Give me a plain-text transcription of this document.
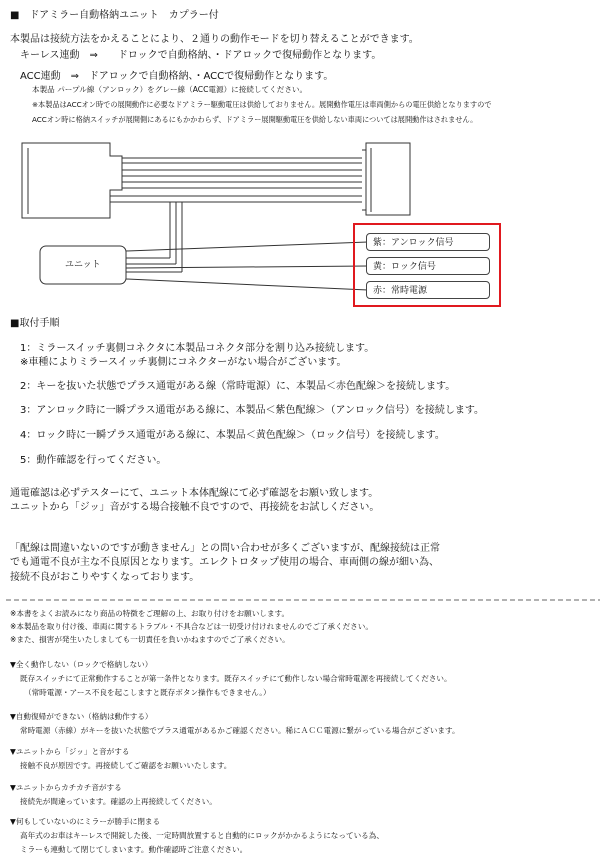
■　ドアミラー自動格納ユニット　カプラー付
本製品は接続方法をかえることにより、２通りの動作モードを切り替えることができます。
キーレス連動　⇒　　ドロックで自動格納、・ドアロックで復帰動作となります。
ACC連動　⇒　ドアロックで自動格納、・ACCで復帰動作となります。
本製品 パープル線（アンロック）をグレー線（ACC電源）に接続してください。
※本製品はACCオン時での展開動作に必要なドアミラー駆動電圧は供給しておりません。展開動作電圧は車両側からの電圧供給となりますので
ACCオン時に格納スイッチが展開側にあるにもかかわらず、ドアミラー展開駆動電圧を供給しない車両については展開動作はされません。
ユニット
紫：アンロック信号
黄：ロック信号
赤：常時電源
■取付手順
1：ミラースイッチ裏側コネクタに本製品コネクタ部分を割り込み接続します。
※車種によりミラースイッチ裏側にコネクターがない場合がございます。
2：キーを抜いた状態でプラス通電がある線（常時電源）に、本製品＜赤色配線＞を接続します。
3：アンロック時に一瞬プラス通電がある線に、本製品＜紫色配線＞（アンロック信号）を接続します。
4：ロック時に一瞬プラス通電がある線に、本製品＜黄色配線＞（ロック信号）を接続します。
5：動作確認を行ってください。
通電確認は必ずテスターにて、ユニット本体配線にて必ず確認をお願い致します。
ユニットから「ジッ」音がする場合接触不良ですので、再接続をお試しください。
「配線は間違いないのですが動きません」との問い合わせが多くございますが、配線接続は正常
でも通電不良が主な不良原因となります。エレクトロタップ使用の場合、車両側の線が細い為、
接続不良がおこりやすくなっております。
※本書をよくお読みになり商品の特徴をご理解の上、お取り付けをお願いします。
※本製品を取り付け後、車両に関するトラブル・不具合などは一切受け付けれませんのでご了承ください。
※また、損害が発生いたしましても一切責任を負いかねますのでご了承ください。
▼全く動作しない（ロックで格納しない）
既存スイッチにて正常動作することが第一条件となります。既存スイッチにて動作しない場合常時電源を再接続してください。
（常時電源・アース不良を起こしますと既存ボタン操作もできません。）
▼自動復帰ができない（格納は動作する）
常時電源（赤線）がキーを抜いた状態でプラス通電があるかご確認ください。稀にＡＣＣ電源に繋がっている場合がございます。
▼ユニットから「ジッ」と音がする
接触不良が原因です。再接続してご確認をお願いいたします。
▼ユニットからカチカチ音がする
接続先が間違っています。確認の上再接続してください。
▼何もしていないのにミラーが勝手に閉まる
高年式のお車はキーレスで開錠した後、一定時間放置すると自動的にロックがかかるようになっている為、
ミラーも連動して閉じてしまいます。動作確認時ご注意ください。
